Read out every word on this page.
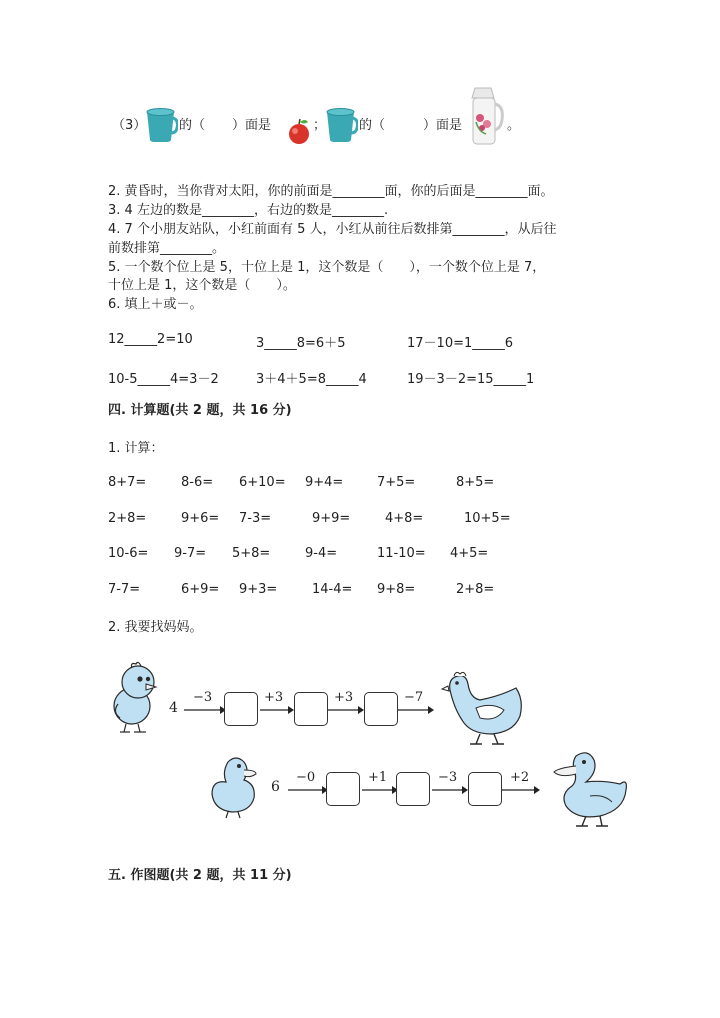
（3）	的（ ）面是	；	的（	）面是	。
2. 黄昏时，当你背对太阳，你的前面是________面，你的后面是________面。
3. 4 左边的数是________，右边的数是________.
4. 7 个小朋友站队，小红前面有 5 人，小红从前往后数排第________，从后往
前数排第________。
5. 一个数个位上是 5，十位上是 1，这个数是（　　），一个数个位上是 7，
十位上是 1，这个数是（　　）。
6. 填上＋或－。
12_____2=10	3_____8=6＋5	17－10=1_____6
10-5_____4=3－2	3＋4＋5=8_____4	19－3－2=15_____1
四. 计算题(共 2 题，共 16 分)
1. 计算：
8+7=	8-6= 6+10= 9+4=	7+5=	8+5=
2+8=	9+6= 7-3=	9+9=	4+8=	10+5=
10-6= 9-7= 5+8=	9-4=	11-10= 4+5=
7-7=	6+9= 9+3=	14-4= 9+8=	2+8=
2. 我要找妈妈。
4
−3	+3	+3	−7
6
−0	+1	−3	+2
五. 作图题(共 2 题，共 11 分)
